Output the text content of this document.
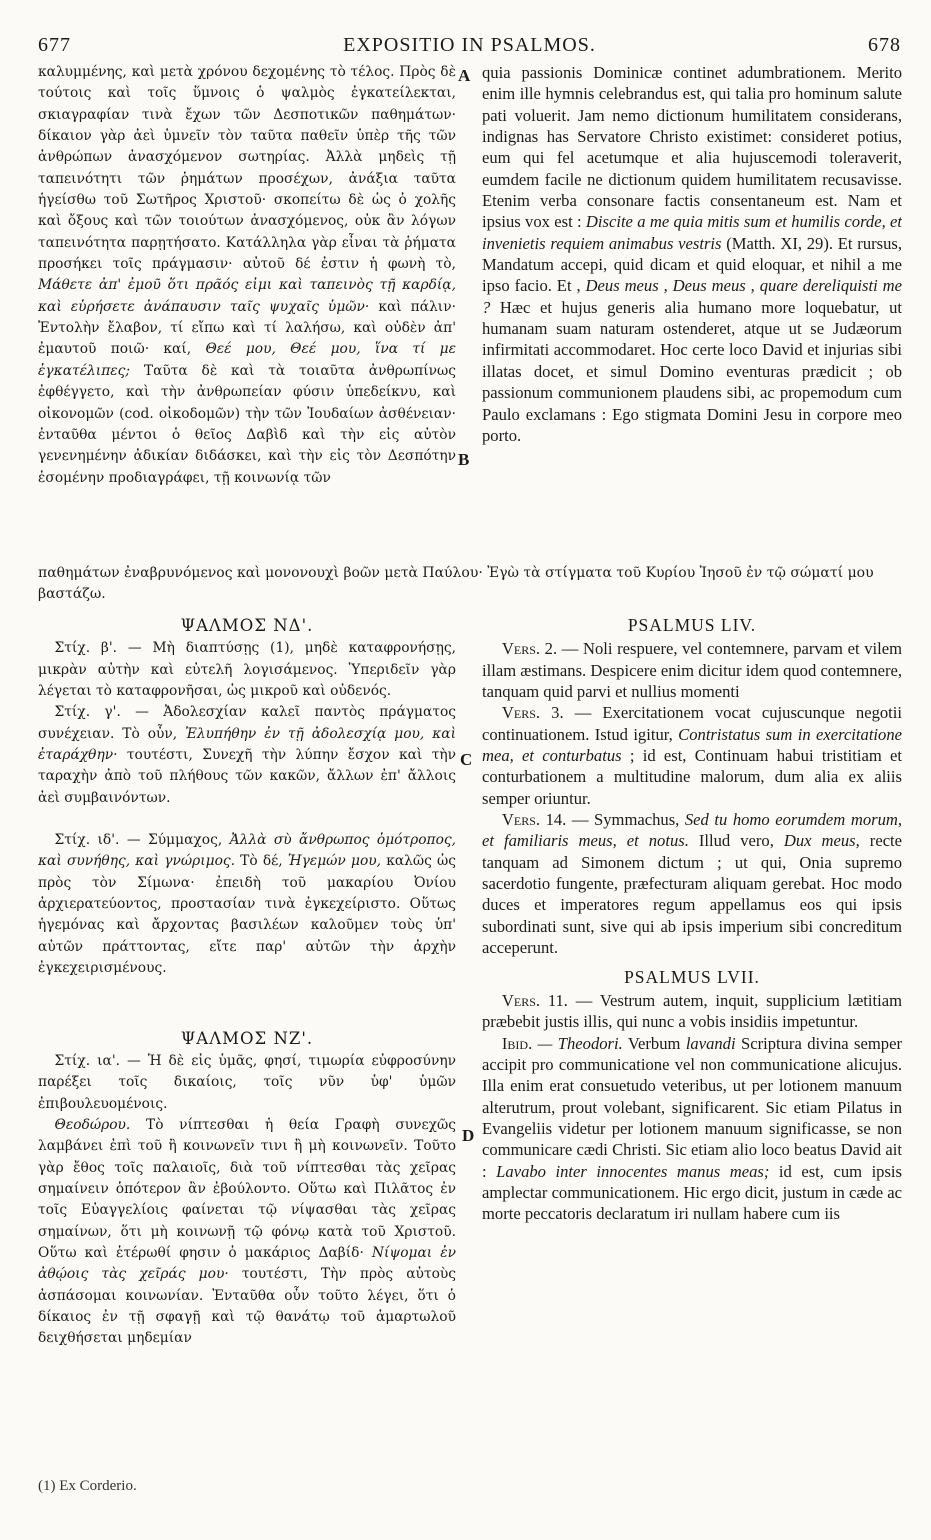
677	EXPOSITIO IN PSALMOS.	678
A
B
C
D

καλυμμένης, καὶ μετὰ χρόνου δεχομένης τὸ τέλος. Πρὸς δὲ τούτοις καὶ τοῖς ὕμνοις ὁ ψαλμὸς ἐγκατείλεκται, σκιαγραφίαν τινὰ ἔχων τῶν Δεσποτικῶν παθημάτων· δίκαιον γὰρ ἀεὶ ὑμνεῖν τὸν ταῦτα παθεῖν ὑπὲρ τῆς τῶν ἀνθρώπων ἀνασχόμενον σωτηρίας. Ἀλλὰ μηδεὶς τῇ ταπεινότητι τῶν ῥημάτων προσέχων, ἀνάξια ταῦτα ἡγείσθω τοῦ Σωτῆρος Χριστοῦ· σκοπείτω δὲ ὡς ὁ χολῆς καὶ ὄξους καὶ τῶν τοιούτων ἀνασχόμενος, οὐκ ἂν λόγων ταπεινότητα παρῃτήσατο. Κατάλληλα γὰρ εἶναι τὰ ῥήματα προσήκει τοῖς πράγμασιν· αὐτοῦ δέ ἐστιν ἡ φωνὴ τὸ, Μάθετε ἀπ' ἐμοῦ ὅτι πρᾶός εἰμι καὶ ταπεινὸς τῇ καρδίᾳ, καὶ εὑρήσετε ἀνάπαυσιν ταῖς ψυχαῖς ὑμῶν· καὶ πάλιν· Ἐντολὴν ἔλαβον, τί εἴπω καὶ τί λαλήσω, καὶ οὐδὲν ἀπ' ἐμαυτοῦ ποιῶ· καί, Θεέ μου, Θεέ μου, ἵνα τί με ἐγκατέλιπες; Ταῦτα δὲ καὶ τὰ τοιαῦτα ἀνθρωπίνως ἐφθέγγετο, καὶ τὴν ἀνθρωπείαν φύσιν ὑπεδείκνυ, καὶ οἰκονομῶν (cod. οἰκοδομῶν) τὴν τῶν Ἰουδαίων ἀσθένειαν· ἐνταῦθα μέντοι ὁ θεῖος Δαβὶδ καὶ τὴν εἰς αὐτὸν γενενημένην ἀδικίαν διδάσκει, καὶ τὴν εἰς τὸν Δεσπότην ἐσομένην προδιαγράφει, τῇ κοινωνίᾳ τῶν

quia passionis Dominicæ continet adumbrationem. Merito enim ille hymnis celebrandus est, qui talia pro hominum salute pati voluerit. Jam nemo dictionum humilitatem considerans, indignas has Servatore Christo existimet: consideret potius, eum qui fel acetumque et alia hujuscemodi toleraverit, eumdem facile ne dictionum quidem humilitatem recusavisse. Etenim verba consonare factis consentaneum est. Nam et ipsius vox est : Discite a me quia mitis sum et humilis corde, et invenietis requiem animabus vestris (Matth. XI, 29). Et rursus, Mandatum accepi, quid dicam et quid eloquar, et nihil a me ipso facio. Et , Deus meus , Deus meus , quare dereliquisti me ? Hæc et hujus generis alia humano more loquebatur, ut humanam suam naturam ostenderet, atque ut se Judæorum infirmitati accommodaret. Hoc certe loco David et injurias sibi illatas docet, et simul Domino eventuras prædicit ; ob passionum communionem plaudens sibi, ac propemodum cum Paulo exclamans : Ego stigmata Domini Jesu in corpore meo porto.

παθημάτων ἐναβρυνόμενος καὶ μονονουχὶ βοῶν μετὰ Παύλου· Ἐγὼ τὰ στίγματα τοῦ Κυρίου Ἰησοῦ ἐν τῷ σώματί μου βαστάζω.

ΨΑΛΜΟΣ ΝΔ'.

Στίχ. β'. — Μὴ διαπτύσῃς (1), μηδὲ καταφρονήσῃς, μικρὰν αὐτὴν καὶ εὐτελῆ λογισάμενος. Ὑπεριδεῖν γὰρ λέγεται τὸ καταφρονῆσαι, ὡς μικροῦ καὶ οὐδενός.

Στίχ. γ'. — Ἀδολεσχίαν καλεῖ παντὸς πράγματος συνέχειαν. Τὸ οὖν, Ἐλυπήθην ἐν τῇ ἀδολεσχίᾳ μου, καὶ ἐταράχθην· τουτέστι, Συνεχῆ τὴν λύπην ἔσχον καὶ τὴν ταραχὴν ἀπὸ τοῦ πλήθους τῶν κακῶν, ἄλλων ἐπ' ἄλλοις ἀεὶ συμβαινόντων.

Στίχ. ιδ'. — Σύμμαχος, Ἀλλὰ σὺ ἄνθρωπος ὁμότροπος, καὶ συνήθης, καὶ γνώριμος. Τὸ δέ, Ἡγεμών μου, καλῶς ὡς πρὸς τὸν Σίμωνα· ἐπειδὴ τοῦ μακαρίου Ὀνίου ἀρχιερατεύοντος, προστασίαν τινὰ ἐγκεχείριστο. Οὕτως ἡγεμόνας καὶ ἄρχοντας βασιλέων καλοῦμεν τοὺς ὑπ' αὐτῶν πράττοντας, εἴτε παρ' αὐτῶν τὴν ἀρχὴν ἐγκεχειρισμένους.

ΨΑΛΜΟΣ ΝΖ'.

Στίχ. ια'. — Ἡ δὲ εἰς ὑμᾶς, φησί, τιμωρία εὐφροσύνην παρέξει τοῖς δικαίοις, τοῖς νῦν ὑφ' ὑμῶν ἐπιβουλευομένοις.

Θεοδώρου. Τὸ νίπτεσθαι ἡ θεία Γραφὴ συνεχῶς λαμβάνει ἐπὶ τοῦ ἢ κοινωνεῖν τινι ἢ μὴ κοινωνεῖν. Τοῦτο γὰρ ἔθος τοῖς παλαιοῖς, διὰ τοῦ νίπτεσθαι τὰς χεῖρας σημαίνειν ὁπότερον ἂν ἐβούλοντο. Οὕτω καὶ Πιλᾶτος ἐν τοῖς Εὐαγγελίοις φαίνεται τῷ νίψασθαι τὰς χεῖρας σημαίνων, ὅτι μὴ κοινωνῇ τῷ φόνῳ κατὰ τοῦ Χριστοῦ. Οὕτω καὶ ἑτέρωθί φησιν ὁ μακάριος Δαβίδ· Νίψομαι ἐν ἀθῴοις τὰς χεῖράς μου· τουτέστι, Τὴν πρὸς αὐτοὺς ἀσπάσομαι κοινωνίαν. Ἐνταῦθα οὖν τοῦτο λέγει, ὅτι ὁ δίκαιος ἐν τῇ σφαγῇ καὶ τῷ θανάτῳ τοῦ ἁμαρτωλοῦ δειχθήσεται μηδεμίαν

PSALMUS LIV.

Vers. 2. — Noli respuere, vel contemnere, parvam et vilem illam æstimans. Despicere enim dicitur idem quod contemnere, tanquam quid parvi et nullius momenti

Vers. 3. — Exercitationem vocat cujuscunque negotii continuationem. Istud igitur, Contristatus sum in exercitatione mea, et conturbatus ; id est, Continuam habui tristitiam et conturbationem a multitudine malorum, dum alia ex aliis semper oriuntur.

Vers. 14. — Symmachus, Sed tu homo eorumdem morum, et familiaris meus, et notus. Illud vero, Dux meus, recte tanquam ad Simonem dictum ; ut qui, Onia supremo sacerdotio fungente, præfecturam aliquam gerebat. Hoc modo duces et imperatores regum appellamus eos qui ipsis subordinati sunt, sive qui ab ipsis imperium sibi concreditum acceperunt.

PSALMUS LVII.

Vers. 11. — Vestrum autem, inquit, supplicium lætitiam præbebit justis illis, qui nunc a vobis insidiis impetuntur.

Ibid. — Theodori. Verbum lavandi Scriptura divina semper accipit pro communicatione vel non communicatione alicujus. Illa enim erat consuetudo veteribus, ut per lotionem manuum alterutrum, prout volebant, significarent. Sic etiam Pilatus in Evangeliis videtur per lotionem manuum significasse, se non communicare cædi Christi. Sic etiam alio loco beatus David ait : Lavabo inter innocentes manus meas; id est, cum ipsis amplectar communicationem. Hic ergo dicit, justum in cæde ac morte peccatoris declaratum iri nullam habere cum iis

(1) Ex Corderio.
